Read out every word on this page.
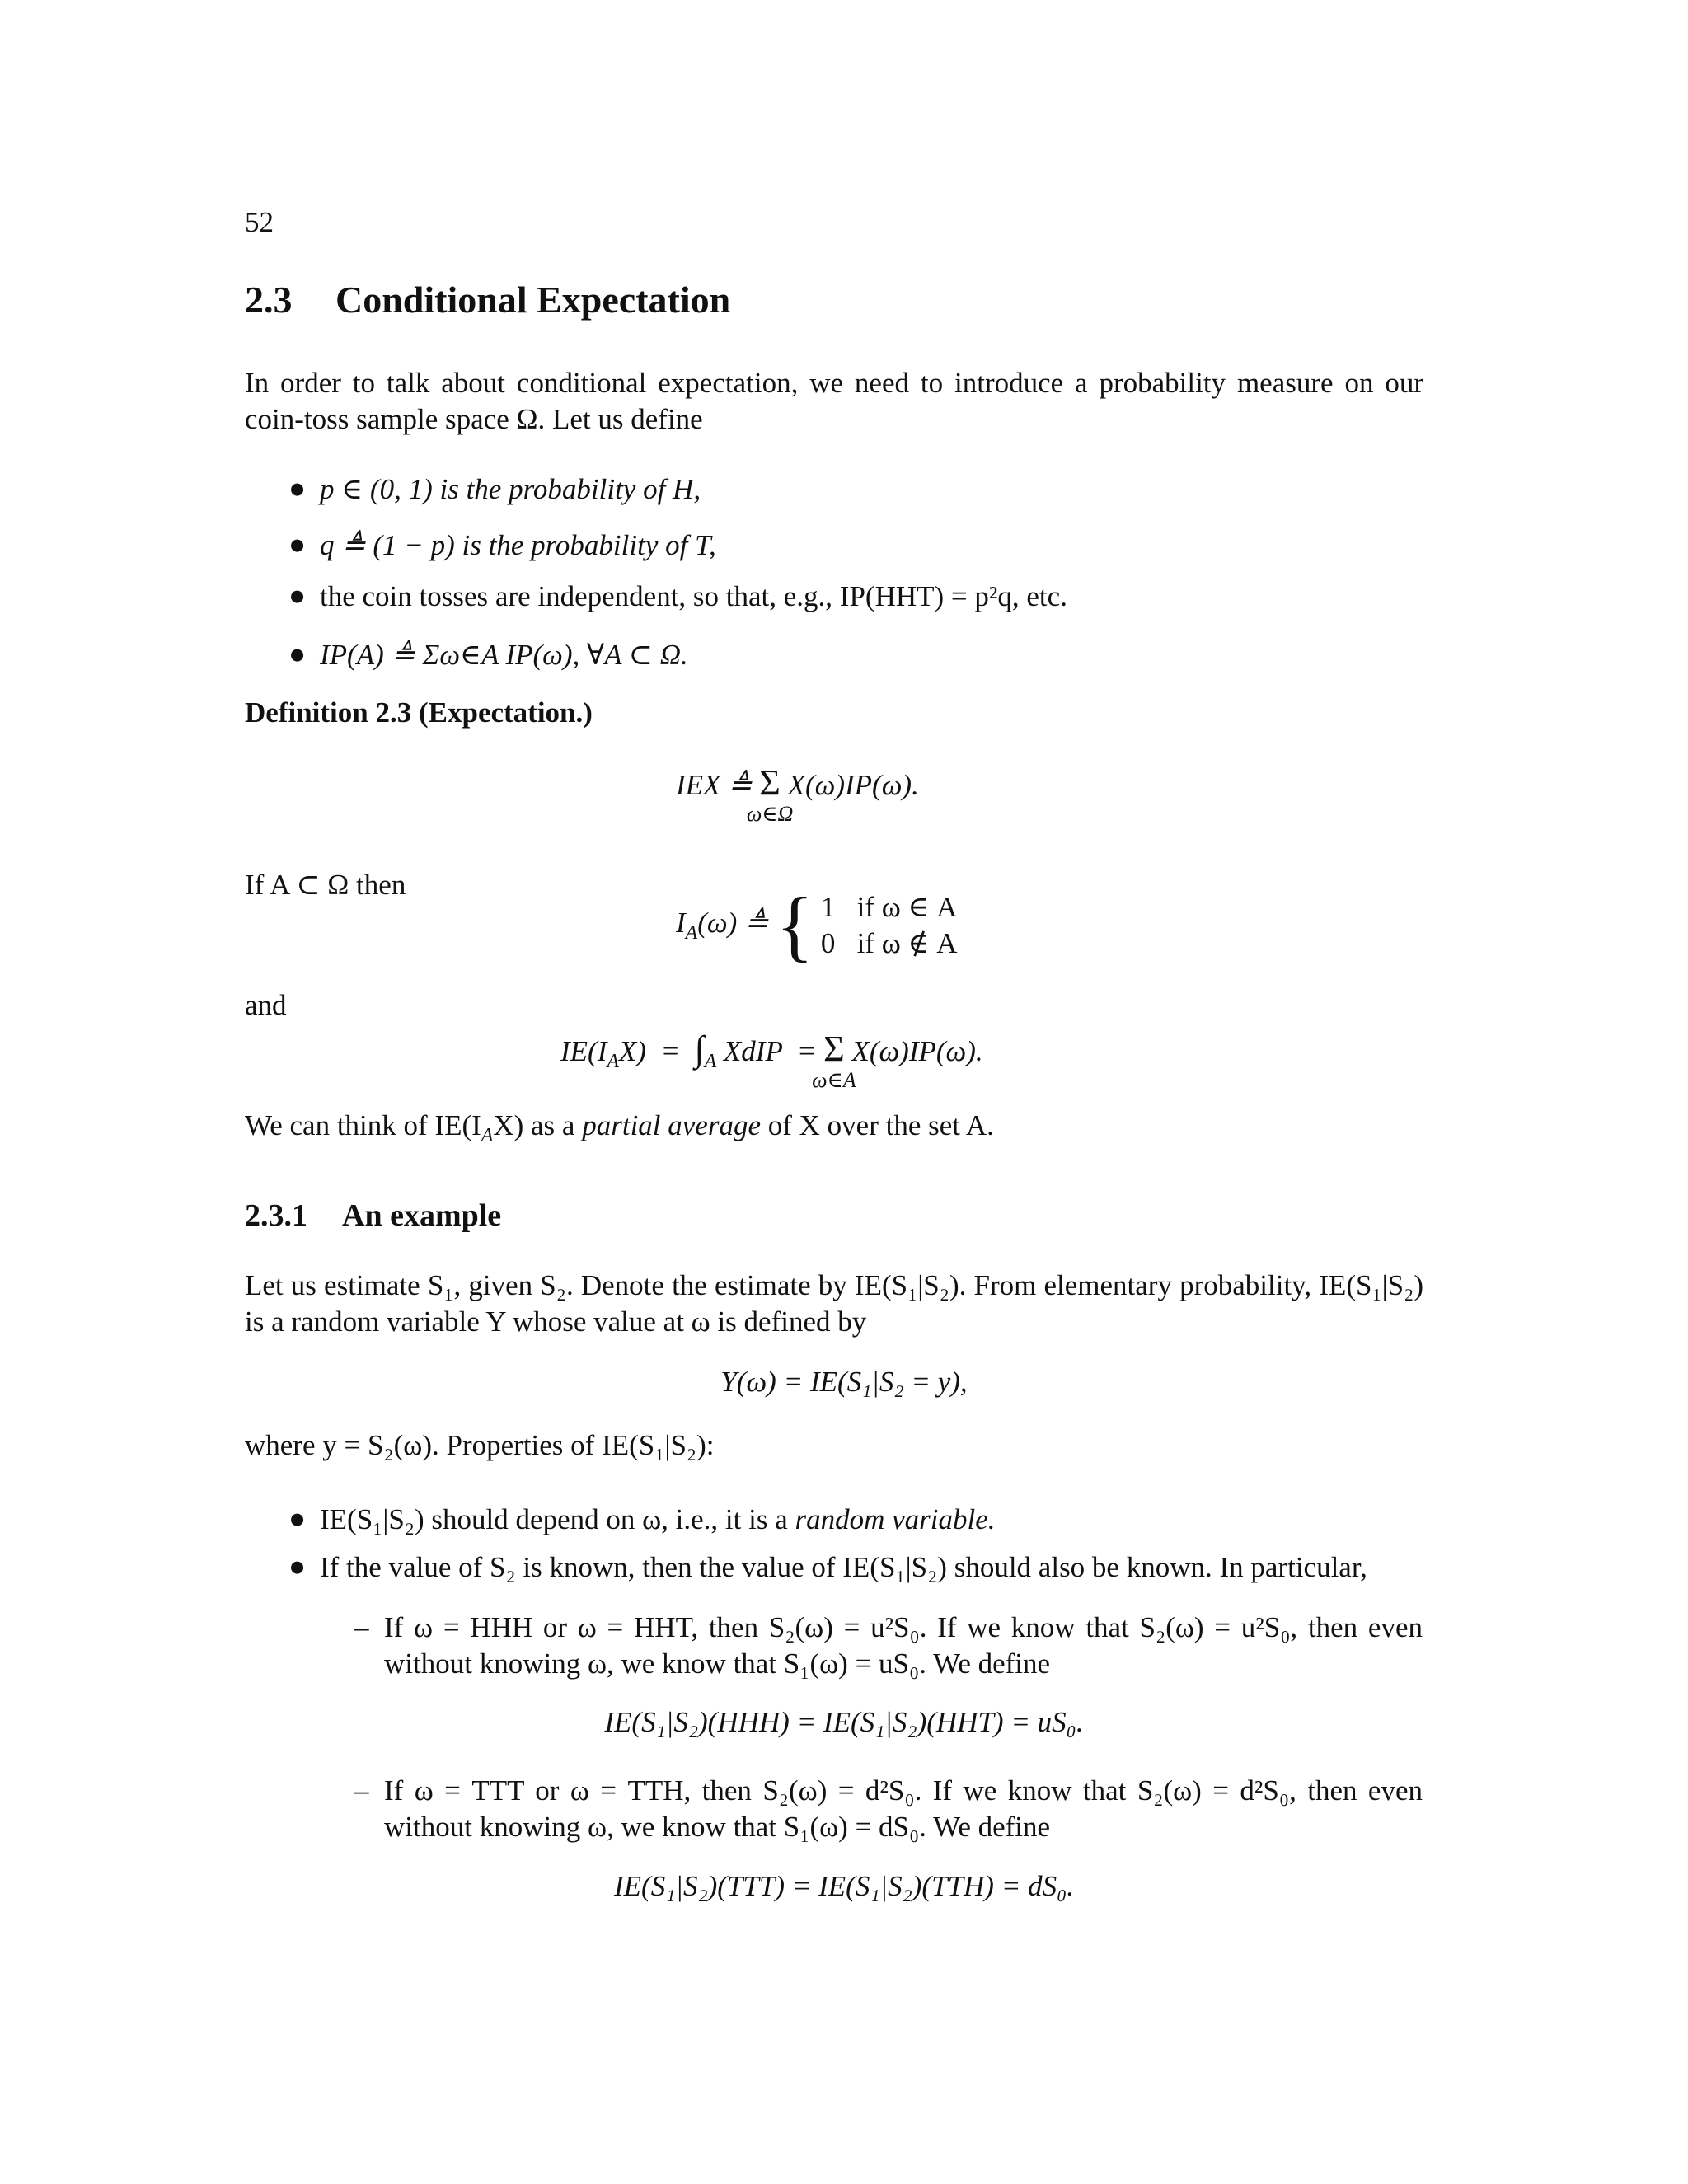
52
2.3 Conditional Expectation
In order to talk about conditional expectation, we need to introduce a probability measure on our coin-toss sample space Ω. Let us define
● p ∈ (0, 1) is the probability of H,
● q ≜ (1 − p) is the probability of T,
● the coin tosses are independent, so that, e.g., IP(HHT) = p²q, etc.
● IP(A) ≜ Σω∈A IP(ω), ∀A ⊂ Ω.
Definition 2.3 (Expectation.)
IEX ≜ Σ
ω∈Ω
X(ω)IP(ω).
If A ⊂ Ω then
$I_A(\omega)$ ≜ { 1   if ω ∈ A
0   if ω ∉ A
and
$IE(I_AX) = \int_A$ XdIP  = Σ
ω∈A
X(ω)IP(ω).
We can think of $IE(I_AX)$ as a partial average of X over the set A.
2.3.1 An example
Let us estimate S₁, given S₂. Denote the estimate by IE(S₁|S₂). From elementary probability, IE(S₁|S₂) is a random variable Y whose value at ω is defined by
Y(ω) = IE(S₁|S₂ = y),
where y = S₂(ω). Properties of IE(S₁|S₂):
● IE(S₁|S₂) should depend on ω, i.e., it is a random variable.
● If the value of S₂ is known, then the value of IE(S₁|S₂) should also be known. In particular,
– If ω = HHH or ω = HHT, then S₂(ω) = u²S₀. If we know that S₂(ω) = u²S₀, then even without knowing ω, we know that S₁(ω) = uS₀. We define
IE(S₁|S₂)(HHH) = IE(S₁|S₂)(HHT) = uS₀.
– If ω = TTT or ω = TTH, then S₂(ω) = d²S₀. If we know that S₂(ω) = d²S₀, then even without knowing ω, we know that S₁(ω) = dS₀. We define
IE(S₁|S₂)(TTT) = IE(S₁|S₂)(TTH) = dS₀.
